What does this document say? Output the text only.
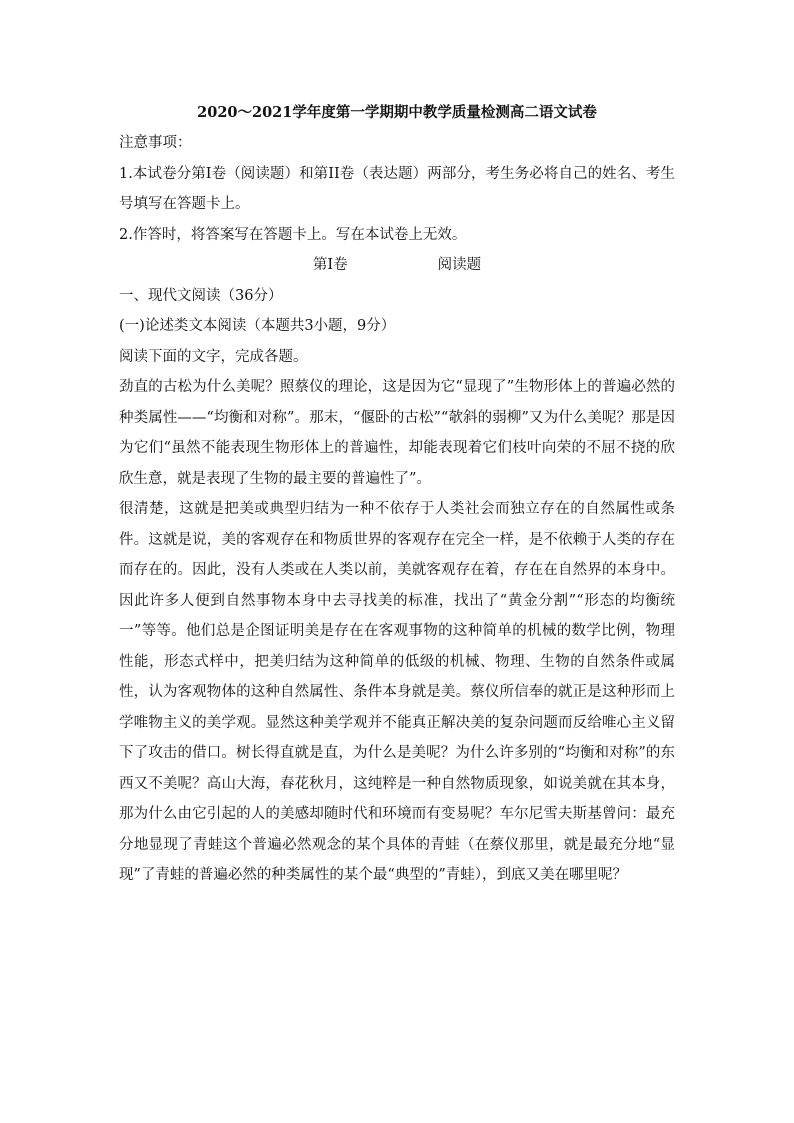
2020～2021学年度第一学期期中教学质量检测高二语文试卷

注意事项：

1.本试卷分第Ⅰ卷（阅读题）和第II卷（表达题）两部分，考生务必将自己的姓名、考生号填写在答题卡上。

2.作答时，将答案写在答题卡上。写在本试卷上无效。

第Ⅰ卷	阅读题

一、现代文阅读（36分）

(一)论述类文本阅读（本题共3小题，9分）

阅读下面的文字，完成各题。

劲直的古松为什么美呢？照蔡仪的理论，这是因为它“显现了”生物形体上的普遍必然的种类属性——“均衡和对称”。那末，“偃卧的古松”“欹斜的弱柳”又为什么美呢？那是因为它们“虽然不能表现生物形体上的普遍性，却能表现着它们枝叶向荣的不屈不挠的欣欣生意，就是表现了生物的最主要的普遍性了”。

很清楚，这就是把美或典型归结为一种不依存于人类社会而独立存在的自然属性或条件。这就是说，美的客观存在和物质世界的客观存在完全一样，是不依赖于人类的存在而存在的。因此，没有人类或在人类以前，美就客观存在着，存在在自然界的本身中。因此许多人便到自然事物本身中去寻找美的标准，找出了“黄金分割”“形态的均衡统一”等等。他们总是企图证明美是存在在客观事物的这种简单的机械的数学比例，物理性能，形态式样中，把美归结为这种简单的低级的机械、物理、生物的自然条件或属性，认为客观物体的这种自然属性、条件本身就是美。蔡仪所信奉的就正是这种形而上学唯物主义的美学观。显然这种美学观并不能真正解决美的复杂问题而反给唯心主义留下了攻击的借口。树长得直就是直，为什么是美呢？为什么许多别的“均衡和对称”的东西又不美呢？高山大海，春花秋月，这纯粹是一种自然物质现象，如说美就在其本身，那为什么由它引起的人的美感却随时代和环境而有变易呢？车尔尼雪夫斯基曾问：最充分地显现了青蛙这个普遍必然观念的某个具体的青蛙（在蔡仪那里，就是最充分地“显现”了青蛙的普遍必然的种类属性的某个最“典型的”青蛙），到底又美在哪里呢？
